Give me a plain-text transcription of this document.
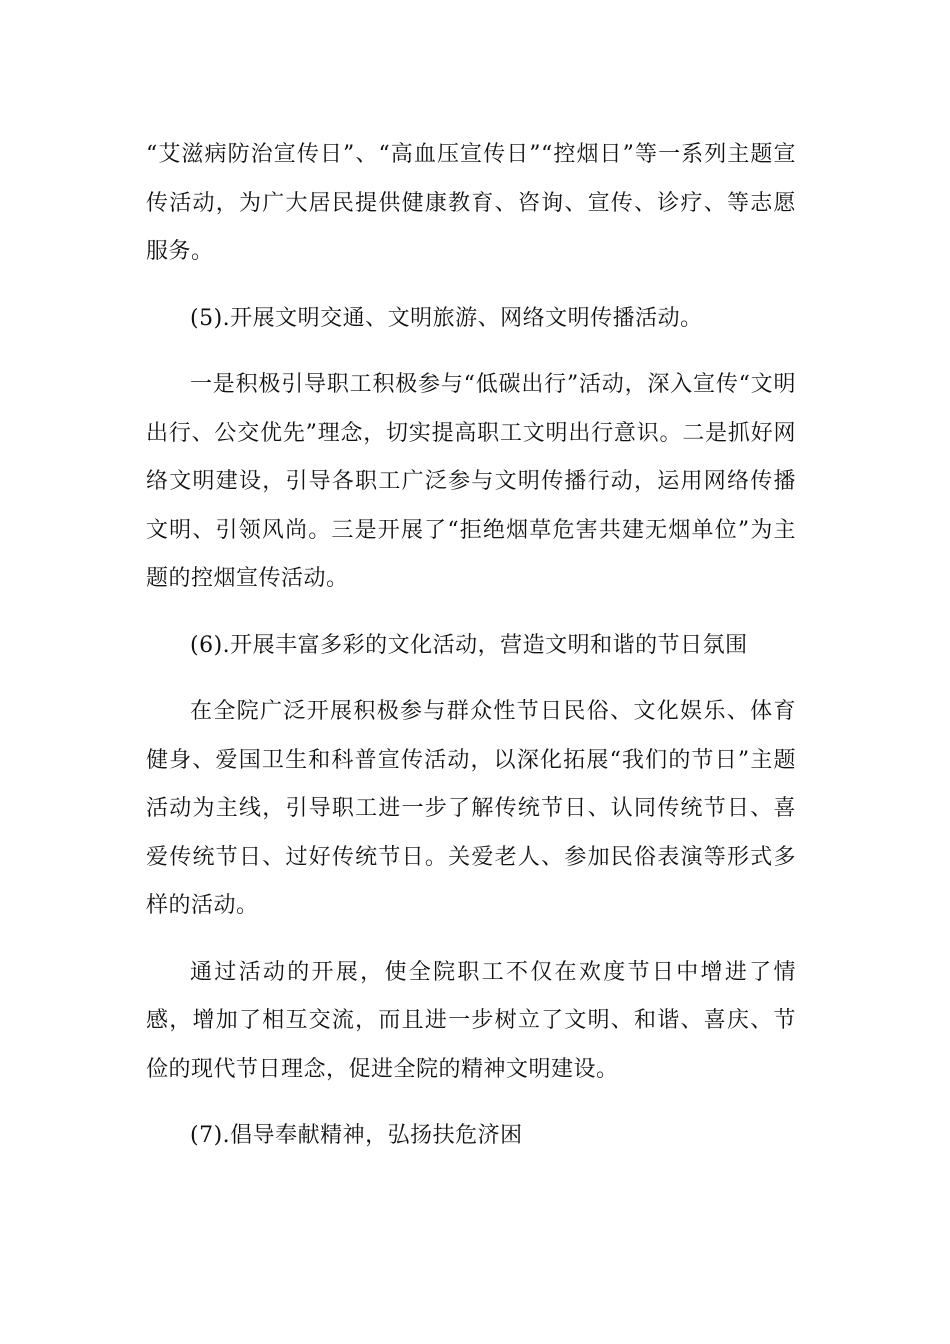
“艾滋病防治宣传日”、“高血压宣传日”“控烟日”等一系列主题宣传活动，为广大居民提供健康教育、咨询、宣传、诊疗、等志愿服务。

(5).开展文明交通、文明旅游、网络文明传播活动。

一是积极引导职工积极参与“低碳出行”活动，深入宣传“文明出行、公交优先”理念，切实提高职工文明出行意识。二是抓好网络文明建设，引导各职工广泛参与文明传播行动，运用网络传播文明、引领风尚。三是开展了“拒绝烟草危害共建无烟单位”为主题的控烟宣传活动。

(6).开展丰富多彩的文化活动，营造文明和谐的节日氛围

在全院广泛开展积极参与群众性节日民俗、文化娱乐、体育健身、爱国卫生和科普宣传活动，以深化拓展“我们的节日”主题活动为主线，引导职工进一步了解传统节日、认同传统节日、喜爱传统节日、过好传统节日。关爱老人、参加民俗表演等形式多样的活动。

通过活动的开展，使全院职工不仅在欢度节日中增进了情感，增加了相互交流，而且进一步树立了文明、和谐、喜庆、节俭的现代节日理念，促进全院的精神文明建设。

(7).倡导奉献精神，弘扬扶危济困
